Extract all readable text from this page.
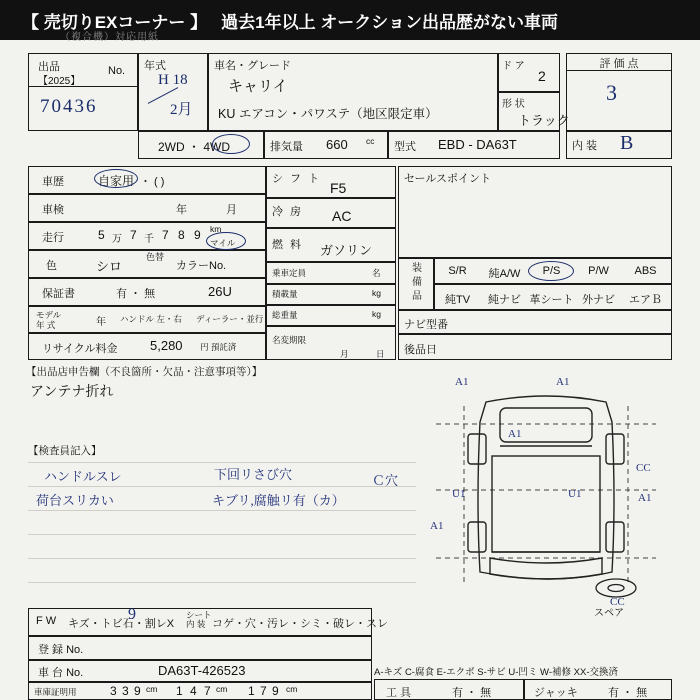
【 売切りEXコーナー 】 過去1年以上 オークション出品歴がない車両
（複合機）対応用紙
出品
【2025】
No.
70436
年式
H 18
2月
車名・グレード
キャリイ
KU エアコン・パワステ（地区限定車）
ド ア
2
形 状
トラック
評 価 点
3
内 装 B
2WD ・ 4WD	排気量 660 cc 型式 EBD - DA63T
車歴	自家用 ・ ( )
車検	年	月
走行	5 万 7 千 7 8 9 km
マイル
色	シロ
色替
カラーNo.
26U
保証書	有 ・ 無
モデル
年 式	年 ハンドル 左・右 ディーラー・並行
リサイクル料金	5,280 円 預託済
シ フ ト
F5
冷 房 AC
燃 料 ガソリン
乗車定員	名
積載量	kg
総重量	kg
名変期限
月	日
セールスポイント
装
備
品
S/R	純A/W	P/S	P/W	ABS
純TV	純ナビ 革シート 外ナビ	エアＢ
ナビ型番
後品日
【出品店申告欄（不良箇所・欠品・注意事項等）】
アンテナ折れ
【検査員記入】
ハンドルスレ
荷台スリカい
下回リさび穴
キブリ,腐触リ有（カ）
Ｃ穴
スペア
A1	A1
A1
U1	U1	A1
CC
CC
A1
F W キズ・トビ石・割レX
シート
内 装 コゲ・穴・汚レ・シミ・破レ・スレ
9
登 録 No.
車 台 No.	DA63T-426523
車庫証明用	3 3 9 cm 1 4 7 cm 1 7 9 cm
A-キズ C-腐食 E-エクボ S-サビ U-凹ミ W-補修 XX-交換済
工 具	有 ・ 無	ジャッキ	有 ・ 無
